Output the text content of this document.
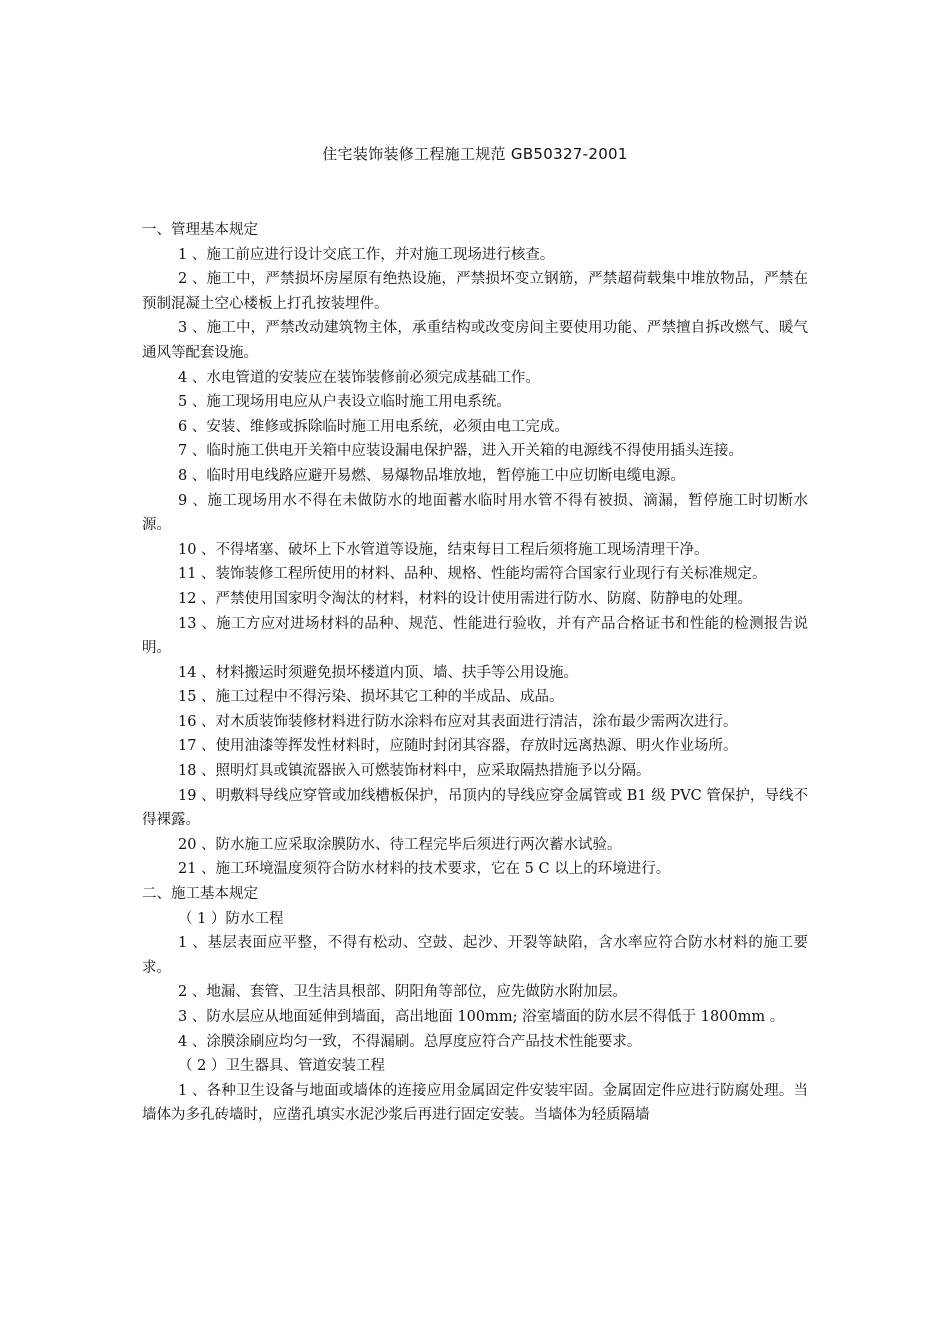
住宅装饰装修工程施工规范 GB50327-2001

一、管理基本规定

1 、施工前应进行设计交底工作，并对施工现场进行核查。

2 、施工中，严禁损坏房屋原有绝热设施，严禁损坏变立钢筋，严禁超荷载集中堆放物品，严禁在预制混凝土空心楼板上打孔按装埋件。

3 、施工中，严禁改动建筑物主体，承重结构或改变房间主要使用功能、严禁擅自拆改燃气、暖气通风等配套设施。

4 、水电管道的安装应在装饰装修前必须完成基础工作。

5 、施工现场用电应从户表设立临时施工用电系统。

6 、安装、维修或拆除临时施工用电系统，必须由电工完成。

7 、临时施工供电开关箱中应装设漏电保护器，进入开关箱的电源线不得使用插头连接。

8 、临时用电线路应避开易燃、易爆物品堆放地，暂停施工中应切断电缆电源。

9 、施工现场用水不得在未做防水的地面蓄水临时用水管不得有被损、滴漏，暂停施工时切断水源。

10 、不得堵塞、破坏上下水管道等设施，结束每日工程后须将施工现场清理干净。

11 、装饰装修工程所使用的材料、品种、规格、性能均需符合国家行业现行有关标准规定。

12 、严禁使用国家明令淘汰的材料，材料的设计使用需进行防水、防腐、防静电的处理。

13 、施工方应对进场材料的品种、规范、性能进行验收，并有产品合格证书和性能的检测报告说明。

14 、材料搬运时须避免损坏楼道内顶、墙、扶手等公用设施。

15 、施工过程中不得污染、损坏其它工种的半成品、成品。

16 、对木质装饰装修材料进行防水涂料布应对其表面进行清洁，涂布最少需两次进行。

17 、使用油漆等挥发性材料时，应随时封闭其容器，存放时远离热源、明火作业场所。

18 、照明灯具或镇流器嵌入可燃装饰材料中，应采取隔热措施予以分隔。

19 、明敷料导线应穿管或加线槽板保护，吊顶内的导线应穿金属管或 B1 级 PVC 管保护，导线不得裸露。

20 、防水施工应采取涂膜防水、待工程完毕后须进行两次蓄水试验。

21 、施工环境温度须符合防水材料的技术要求，它在 5 C 以上的环境进行。

二、施工基本规定

（ 1 ）防水工程

1 、基层表面应平整，不得有松动、空鼓、起沙、开裂等缺陷，含水率应符合防水材料的施工要求。

2 、地漏、套管、卫生洁具根部、阴阳角等部位，应先做防水附加层。

3 、防水层应从地面延伸到墙面，高出地面 100mm; 浴室墙面的防水层不得低于 1800mm 。

4 、涂膜涂刷应均匀一致，不得漏刷。总厚度应符合产品技术性能要求。

（ 2 ）卫生器具、管道安装工程

1 、各种卫生设备与地面或墙体的连接应用金属固定件安装牢固。金属固定件应进行防腐处理。当墙体为多孔砖墙时，应凿孔填实水泥沙浆后再进行固定安装。当墙体为轻质隔墙
